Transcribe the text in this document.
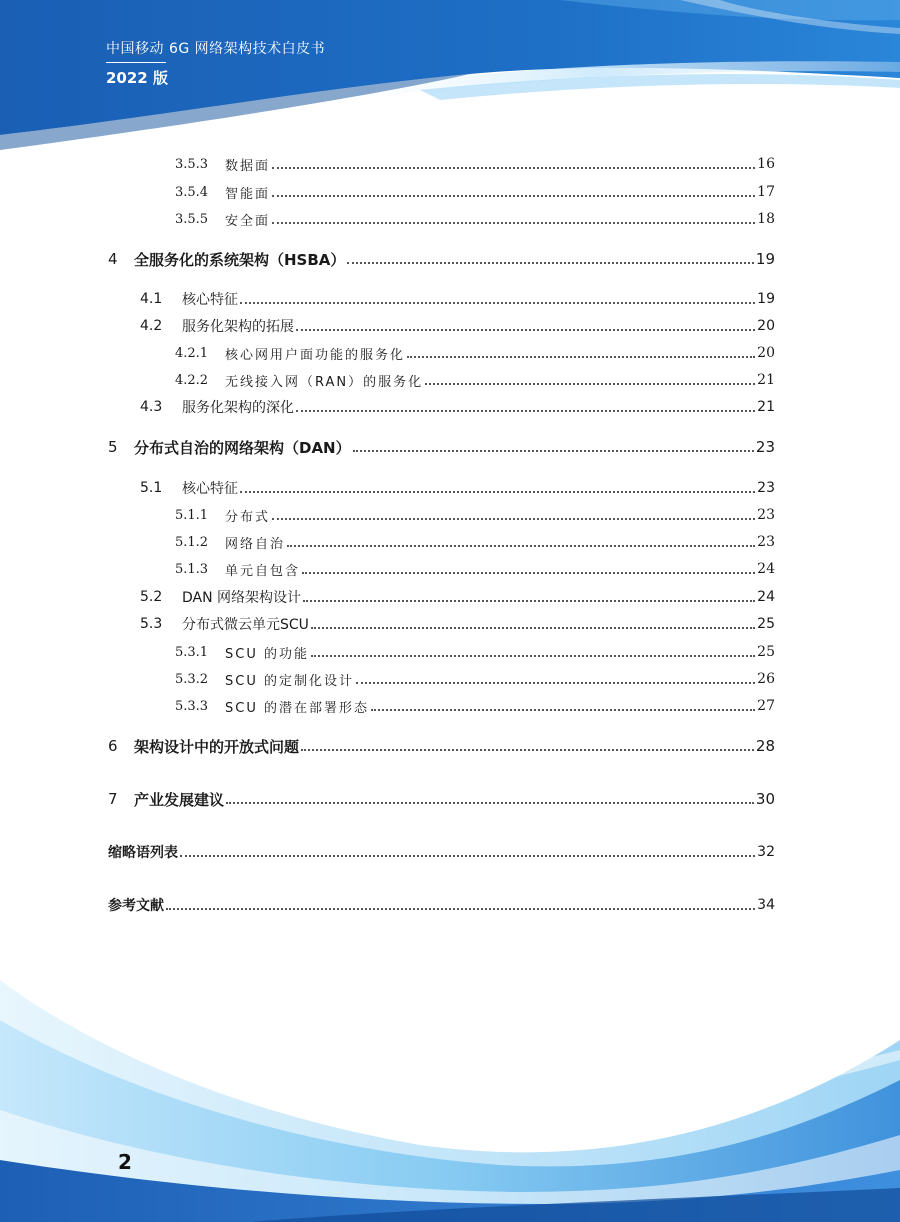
中国移动 6G 网络架构技术白皮书
2022 版
3.5.3	数据面	16
3.5.4	智能面	17
3.5.5	安全面	18
4	全服务化的系统架构（HSBA）	19
4.1	核心特征	19
4.2	服务化架构的拓展	20
4.2.1	核心网用户面功能的服务化	20
4.2.2	无线接入网（RAN）的服务化	21
4.3	服务化架构的深化	21
5	分布式自治的网络架构（DAN）	23
5.1	核心特征	23
5.1.1	分布式	23
5.1.2	网络自治	23
5.1.3	单元自包含	24
5.2	DAN 网络架构设计	24
5.3	分布式微云单元SCU	25
5.3.1	SCU 的功能	25
5.3.2	SCU 的定制化设计	26
5.3.3	SCU 的潜在部署形态	27
6	架构设计中的开放式问题	28
7	产业发展建议	30
缩略语列表	32
参考文献	34
2
